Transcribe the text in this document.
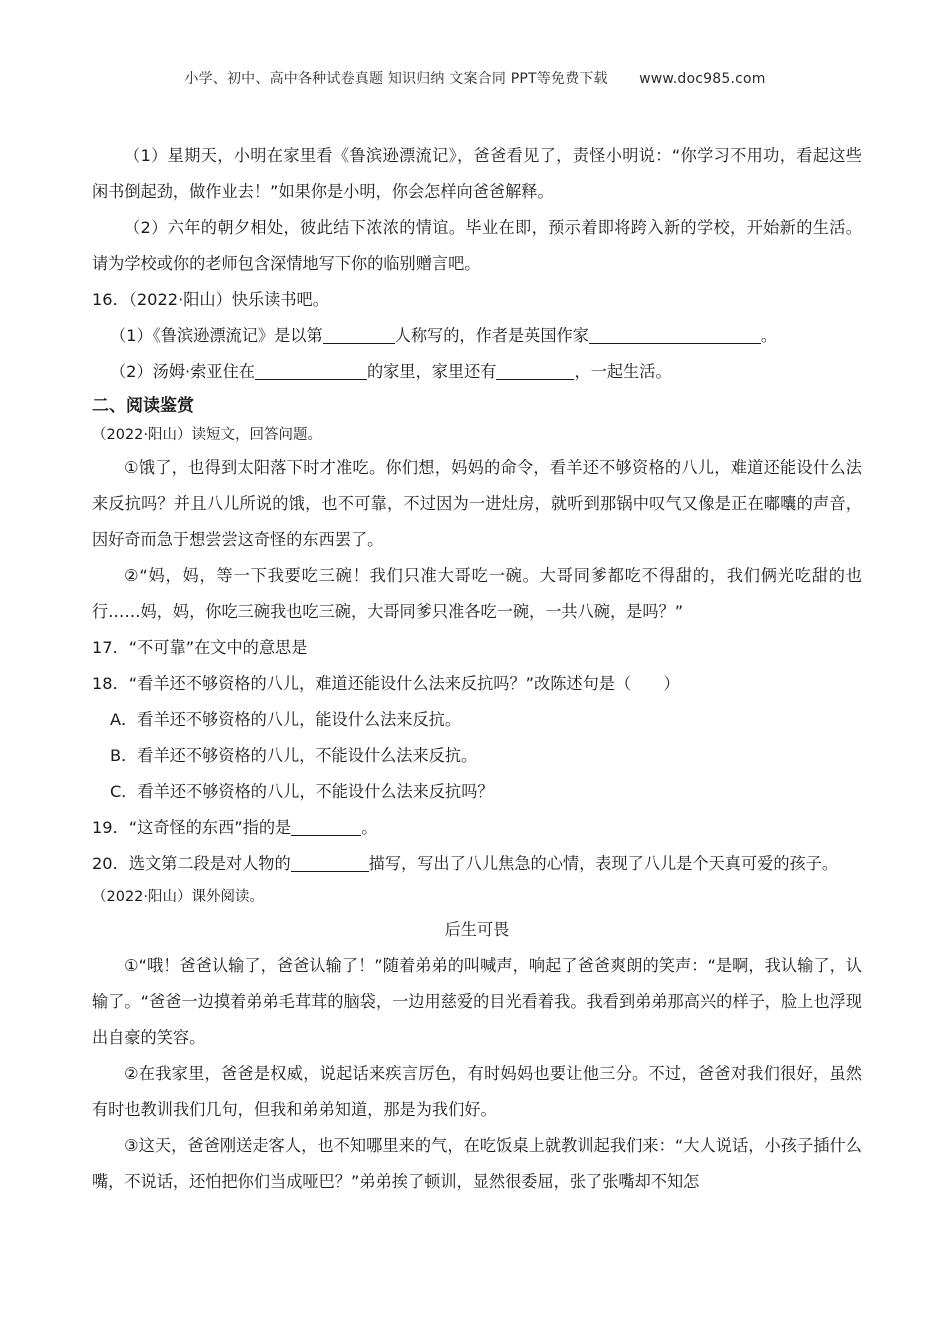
小学、初中、高中各种试卷真题 知识归纳 文案合同 PPT等免费下载 www.doc985.com

（1）星期天，小明在家里看《鲁滨逊漂流记》，爸爸看见了，责怪小明说：“你学习不用功，看起这些闲书倒起劲，做作业去！”如果你是小明，你会怎样向爸爸解释。

（2）六年的朝夕相处，彼此结下浓浓的情谊。毕业在即，预示着即将跨入新的学校，开始新的生活。请为学校或你的老师包含深情地写下你的临别赠言吧。

16．（2022·阳山）快乐读书吧。

（1）《鲁滨逊漂流记》是以第	人称写的，作者是英国作家	。

（2）汤姆·索亚住在	的家里，家里还有	，一起生活。

二、阅读鉴赏

（2022·阳山）读短文，回答问题。

①饿了，也得到太阳落下时才准吃。你们想，妈妈的命令，看羊还不够资格的八儿，难道还能设什么法来反抗吗？并且八儿所说的饿，也不可靠，不过因为一进灶房，就听到那锅中叹气又像是正在嘟囔的声音，因好奇而急于想尝尝这奇怪的东西罢了。

②“妈，妈，等一下我要吃三碗！我们只准大哥吃一碗。大哥同爹都吃不得甜的，我们俩光吃甜的也行……妈，妈，你吃三碗我也吃三碗，大哥同爹只准各吃一碗，一共八碗，是吗？”

17．“不可靠”在文中的意思是

18．“看羊还不够资格的八儿，难道还能设什么法来反抗吗？”改陈述句是（　　）

A．看羊还不够资格的八儿，能设什么法来反抗。

B．看羊还不够资格的八儿，不能设什么法来反抗。

C．看羊还不够资格的八儿，不能设什么法来反抗吗？

19．“这奇怪的东西”指的是	。

20．选文第二段是对人物的	描写，写出了八儿焦急的心情，表现了八儿是个天真可爱的孩子。

（2022·阳山）课外阅读。

后生可畏

①“哦！爸爸认输了，爸爸认输了！”随着弟弟的叫喊声，响起了爸爸爽朗的笑声：“是啊，我认输了，认输了。“爸爸一边摸着弟弟毛茸茸的脑袋，一边用慈爱的目光看着我。我看到弟弟那高兴的样子，脸上也浮现出自豪的笑容。

②在我家里，爸爸是权威，说起话来疾言厉色，有时妈妈也要让他三分。不过，爸爸对我们很好，虽然有时也教训我们几句，但我和弟弟知道，那是为我们好。

③这天，爸爸刚送走客人，也不知哪里来的气，在吃饭桌上就教训起我们来：“大人说话，小孩子插什么嘴，不说话，还怕把你们当成哑巴？”弟弟挨了顿训，显然很委屈，张了张嘴却不知怎
